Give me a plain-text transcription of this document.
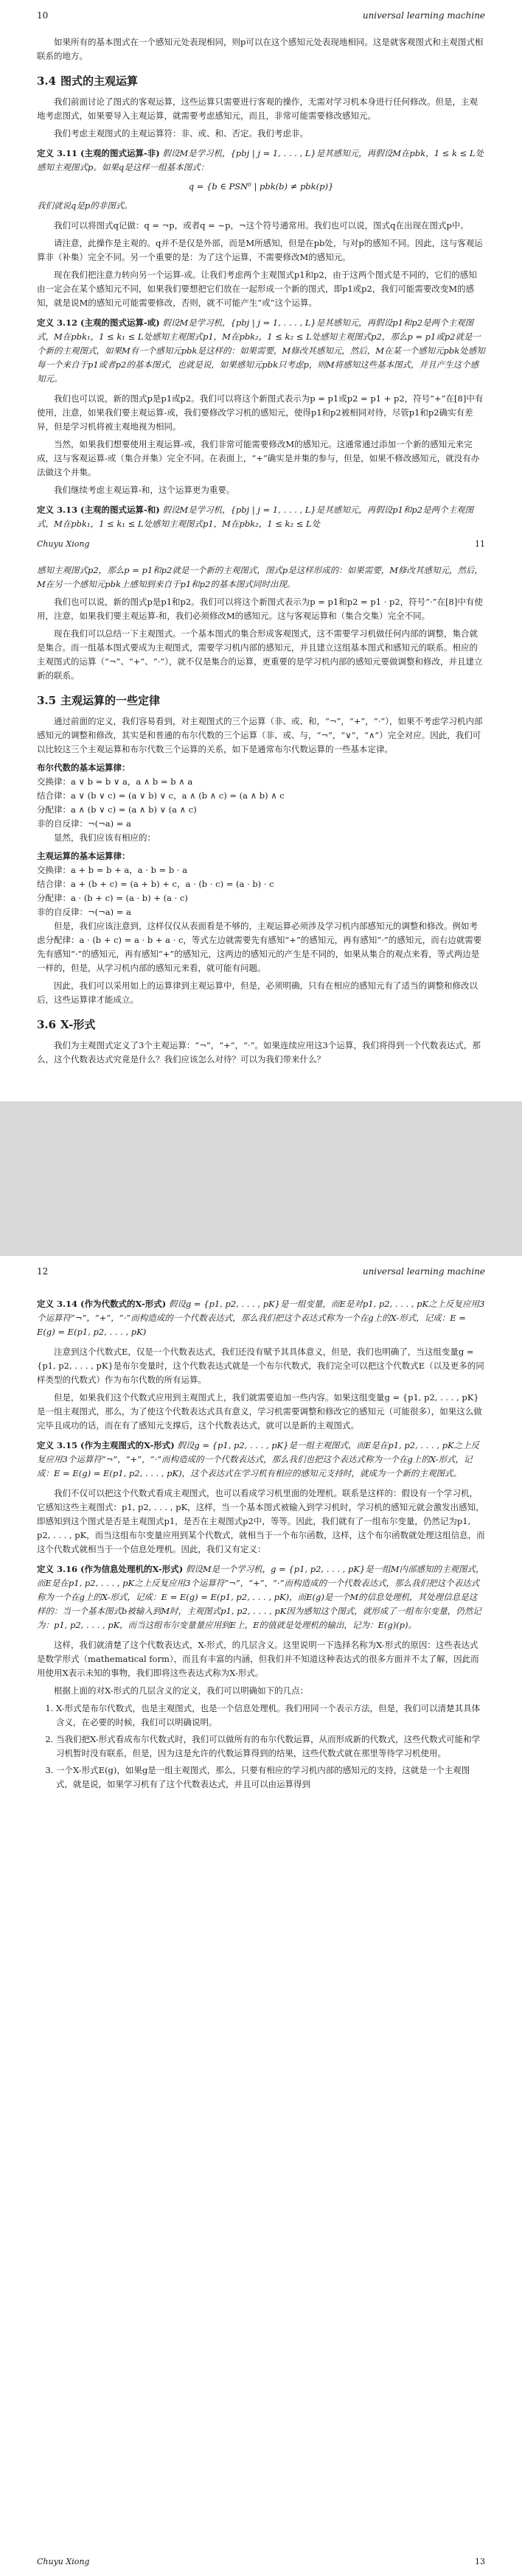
10	universal learning machine

如果所有的基本图式在一个感知元处表现相同，则p可以在这个感知元处表现地相同。这是就客观图式和主观图式相联系的地方。

3.4 图式的主观运算

我们前面讨论了图式的客观运算，这些运算只需要进行客观的操作，无需对学习机本身进行任何修改。但是，主观地考虑图式，如果要导入主观运算，就需要考虑感知元，而且，非常可能需要修改感知元。

我们考虑主观图式的主观运算符：非、或、和、否定。我们考虑非。

定义 3.11 (主观的图式运算-非) 假设M是学习机，{pbj | j = 1, . . . , L}是其感知元，再假设M在pbk，1 ≤ k ≤ L处感知主观图式p。如果q是这样一组基本图式：
q = {b ∈ PSN⁰ | pbk(b) ≠ pbk(p)}
我们就说q是p的非图式。

我们可以将图式q记做：q = ¬p，或者q = ∼p，¬这个符号通常用。我们也可以说，图式q在出现在图式p中。

请注意，此操作是主观的。q并不是仅是外部，而是M所感知，但是在pb处，与对p的感知不同。因此，这与客观运算非（补集）完全不同。另一个重要的是：为了这个运算，不需要修改M的感知元。

现在我们把注意力转向另一个运算-或。让我们考虑两个主观图式p1和p2，由于这两个图式是不同的，它们的感知由一定会在某个感知元不同，如果我们要想把它们放在一起形成一个新的图式，即p1或p2，我们可能需要改变M的感知，就是说M的感知元可能需要修改，否则，就不可能产生“或”这个运算。

定义 3.12 (主观的图式运算-或) 假设M是学习机，{pbj | j = 1, . . . , L}是其感知元，再假设p1和p2是两个主观图式，M在pbk₁，1 ≤ k₁ ≤ L处感知主观图式p1，M在pbk₂，1 ≤ k₂ ≤ L处感知主观图式p2，那么p = p1或p2就是一个新的主观图式，如果M有一个感知元pbk是这样的：如果需要，M修改其感知元，然后，M在某一个感知元pbk处感知每一个来自于p1或者p2的基本图式，也就是说，如果感知元pbk只考虑p，则M将感知这些基本图式，并且产生这个感知元。

我们也可以说，新的图式p是p1或p2。我们可以将这个新图式表示为p = p1或p2 = p1 + p2，符号“+”在[8]中有使用，注意，如果我们要主观运算-或，我们要修改学习机的感知元，使得p1和p2被相同对待，尽管p1和p2确实有差异，但是学习机将被主观地视为相同。

当然，如果我们想要使用主观运算-或，我们非常可能需要修改M的感知元。这通常通过添加一个新的感知元来完成，这与客观运算-或（集合并集）完全不同。在表面上，“+”确实是并集的参与，但是，如果不修改感知元，就没有办法做这个并集。

我们继续考虑主观运算-和，这个运算更为重要。

定义 3.13 (主观的图式运算-和) 假设M是学习机，{pbj | j = 1, . . . , L}是其感知元，再假设p1和p2是两个主观图式，M在pbk₁，1 ≤ k₁ ≤ L处感知主观图式p1，M在pbk₂，1 ≤ k₂ ≤ L处
Chuyu Xiong	11

感知主观图式p2，那么p = p1和p2就是一个新的主观图式，图式p是这样形成的：如果需要，M修改其感知元，然后，M在另一个感知元pbk上感知到来自于p1和p2的基本图式同时出现。

我们也可以说，新的图式p是p1和p2。我们可以将这个新图式表示为p = p1和p2 = p1 · p2，符号“·”在[8]中有使用，注意，如果我们要主观运算-和，我们必须修改M的感知元。这与客观运算和（集合交集）完全不同。

现在我们可以总结一下主观图式。一个基本图式的集合形成客观图式，这不需要学习机做任何内部的调整，集合就是集合。而一组基本图式要成为主观图式，需要学习机内部的感知元，并且建立这组基本图式和感知元的联系。相应的主观图式的运算（“¬”、“+”、“·”），就不仅是集合的运算，更重要的是学习机内部的感知元要做调整和修改，并且建立新的联系。

3.5 主观运算的一些定律

通过前面的定义，我们容易看到，对主观图式的三个运算（非、或、和，“¬”，“+”，“·”），如果不考虑学习机内部感知元的调整和修改，其实是和普通的布尔代数的三个运算（非、或、与，“¬”，“∨”，“∧”）完全对应。因此，我们可以比较这三个主观运算和布尔代数三个运算的关系，如下是通常布尔代数运算的一些基本定律。

布尔代数的基本运算律：

交换律：a ∨ b = b ∨ a，a ∧ b = b ∧ a

结合律：a ∨ (b ∨ c) = (a ∨ b) ∨ c，a ∧ (b ∧ c) = (a ∧ b) ∧ c

分配律：a ∧ (b ∨ c) = (a ∧ b) ∨ (a ∧ c)

非的自反律：¬(¬a) = a

显然，我们应该有相应的：

主观运算的基本运算律：

交换律：a + b = b + a，a · b = b · a

结合律：a + (b + c) = (a + b) + c，a · (b · c) = (a · b) · c

分配律：a · (b + c) = (a · b) + (a · c)

非的自反律：¬(¬a) = a

但是，我们应该注意到，这样仅仅从表面看是不够的，主观运算必须涉及学习机内部感知元的调整和修改。例如考虑分配律：a · (b + c) = a · b + a · c，等式左边就需要先有感知“+”的感知元，再有感知“·”的感知元，而右边就需要先有感知“·”的感知元，再有感知“+”的感知元，这两边的感知元的产生是不同的，如果从集合的观点来看，等式两边是一样的，但是，从学习机内部的感知元来看，就可能有问题。

因此，我们可以采用如上的运算律到主观运算中，但是，必须明确，只有在相应的感知元有了适当的调整和修改以后，这些运算律才能成立。

3.6 X-形式

我们为主观图式定义了3个主观运算：“¬”，“+”，“·”。如果连续应用这3个运算，我们将得到一个代数表达式，那么，这个代数表达式究竟是什么？我们应该怎么对待？可以为我们带来什么？

12	universal learning machine
定义 3.14 (作为代数式的X-形式) 假设g = {p1, p2, . . . , pK}是一组变量，而E是对p1, p2, . . . , pK之上反复应用3个运算符“¬”，“+”，“·”而构造成的一个代数表达式，那么我们把这个表达式称为一个在g上的X-形式，记成：E = E(g) = E(p1, p2, . . . , pK)

注意到这个代数式E，仅是一个代数表达式，我们还没有赋予其具体意义，但是，我们也明确了，当这组变量g = {p1, p2, . . . , pK}是布尔变量时，这个代数表达式就是一个布尔代数式，我们完全可以把这个代数式E（以及更多的同样类型的代数式）作为布尔代数的所有运算。

但是，如果我们这个代数式应用到主观图式上，我们就需要追加一些内容。如果这组变量g = {p1, p2, . . . , pK}是一组主观图式，那么，为了使这个代数表达式具有意义，学习机需要调整和修改它的感知元（可能很多），如果这么做完毕且成功的话，而在有了感知元支撑后，这个代数表达式，就可以是新的主观图式。

定义 3.15 (作为主观图式的X-形式) 假设g = {p1, p2, . . . , pK}是一组主观图式，而E是在p1, p2, . . . , pK之上反复应用3个运算符“¬”，“+”，“·”而构造成的一个代数表达式，那么我们也把这个表达式称为一个在g上的X-形式，记成：E = E(g) = E(p1, p2, . . . , pK)，这个表达式在学习机有相应的感知元支持时，就成为一个新的主观图式。

我们不仅可以把这个代数式看成主观图式，也可以看成学习机里面的处理机。联系是这样的：假设有一个学习机，它感知这些主观图式：p1, p2, . . . , pK，这样，当一个基本图式被输入到学习机时，学习机的感知元就会激发出感知，即感知到这个图式是否是主观图式p1，是否在主观图式p2中，等等。因此，我们就有了一组布尔变量，仍然记为p1, p2, . . . , pK，而当这组布尔变量应用到某个代数式，就相当于一个布尔函数，这样，这个布尔函数就处理这组信息，而这个代数式就相当于一个信息处理机。因此，我们又有定义：

定义 3.16 (作为信息处理机的X-形式) 假设M是一个学习机，g = {p1, p2, . . . , pK}是一组M内部感知的主观图式，而E是在p1, p2, . . . , pK之上反复应用3个运算符“¬”，“+”，“·”而构造成的一个代数表达式，那么我们把这个表达式称为一个在g上的X-形式，记成：E = E(g) = E(p1, p2, . . . , pK)，而E(g)是一个M的信息处理机，其处理信息是这样的：当一个基本图式b被输入到M时，主观图式p1, p2, . . . , pK因为感知这个图式，就形成了一组布尔变量，仍然记为：p1, p2, . . . , pK，而当这组布尔变量量应用到E上，E的值就是处理机的输出，记为：E(g)(p)。

这样，我们就清楚了这个代数表达式，X-形式，的几层含义。这里说明一下选择名称为X-形式的原因：这些表达式是数学形式（mathematical form），而且有丰富的内涵，但我们并不知道这种表达式的很多方面并不太了解，因此而用使用X表示未知的事物，我们即将这些表达式称为X-形式。

根据上面的对X-形式的几层含义的定义，我们可以明确如下的几点：

1. X-形式是布尔代数式，也是主观图式，也是一个信息处理机。我们用同一个表示方法，但是，我们可以清楚其具体含义，在必要的时候，我们可以明确说明。
2. 当我们把X-形式看成布尔代数式时，我们可以做所有的布尔代数运算，从而形成新的代数式，这些代数式可能和学习机暂时没有联系，但是，因为这是允许的代数运算得到的结果，这些代数式就在那里等待学习机使用。
3. 一个X-形式E(g)，如果g是一组主观图式，那么，只要有相应的学习机内部的感知元的支持，这就是一个主观图式，就是说，如果学习机有了这个代数表达式，并且可以由运算得到
Chuyu Xiong	13
